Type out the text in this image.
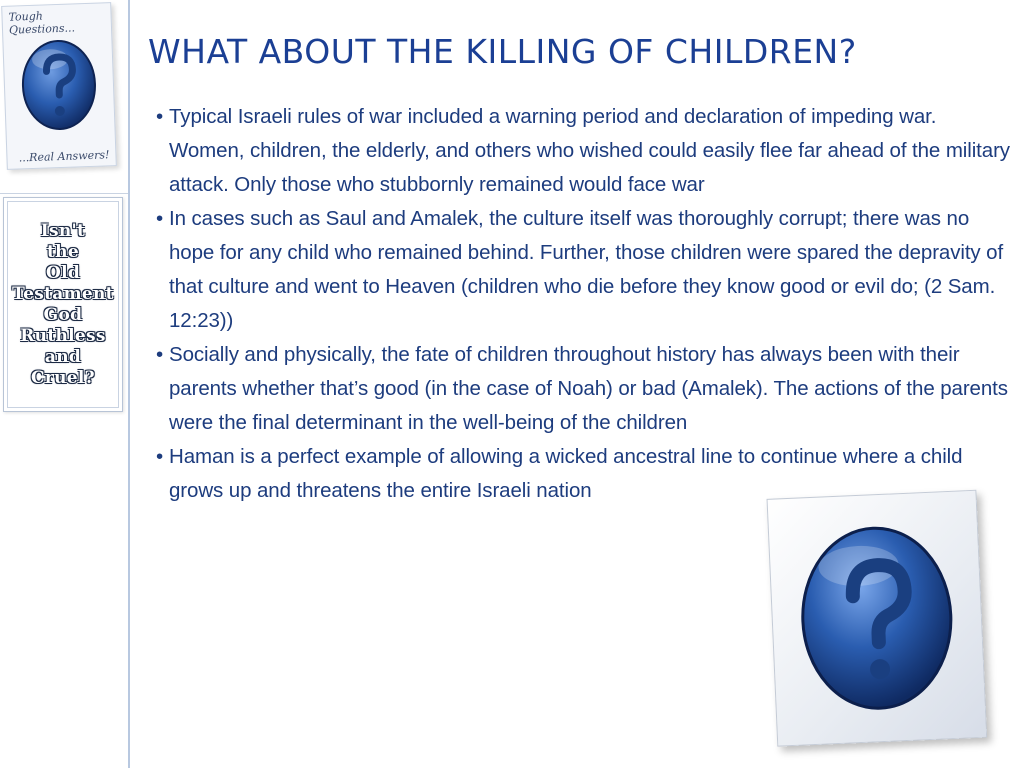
Tough Questions...
...Real Answers!
Isn't
the
Old
Testament
God
Ruthless
and
Cruel?
WHAT ABOUT THE KILLING OF CHILDREN?
• Typical Israeli rules of war included a warning period and declaration of impeding war. Women, children, the elderly, and others who wished could easily flee far ahead of the military attack. Only those who stubbornly remained would face war
• In cases such as Saul and Amalek, the culture itself was thoroughly corrupt; there was no hope for any child who remained behind. Further, those children were spared the depravity of that culture and went to Heaven (children who die before they know good or evil do; (2 Sam. 12:23))
• Socially and physically, the fate of children throughout history has always been with their parents whether that’s good (in the case of Noah) or bad (Amalek). The actions of the parents were the final determinant in the well-being of the children
• Haman is a perfect example of allowing a wicked ancestral line to continue where a child grows up and threatens the entire Israeli nation
